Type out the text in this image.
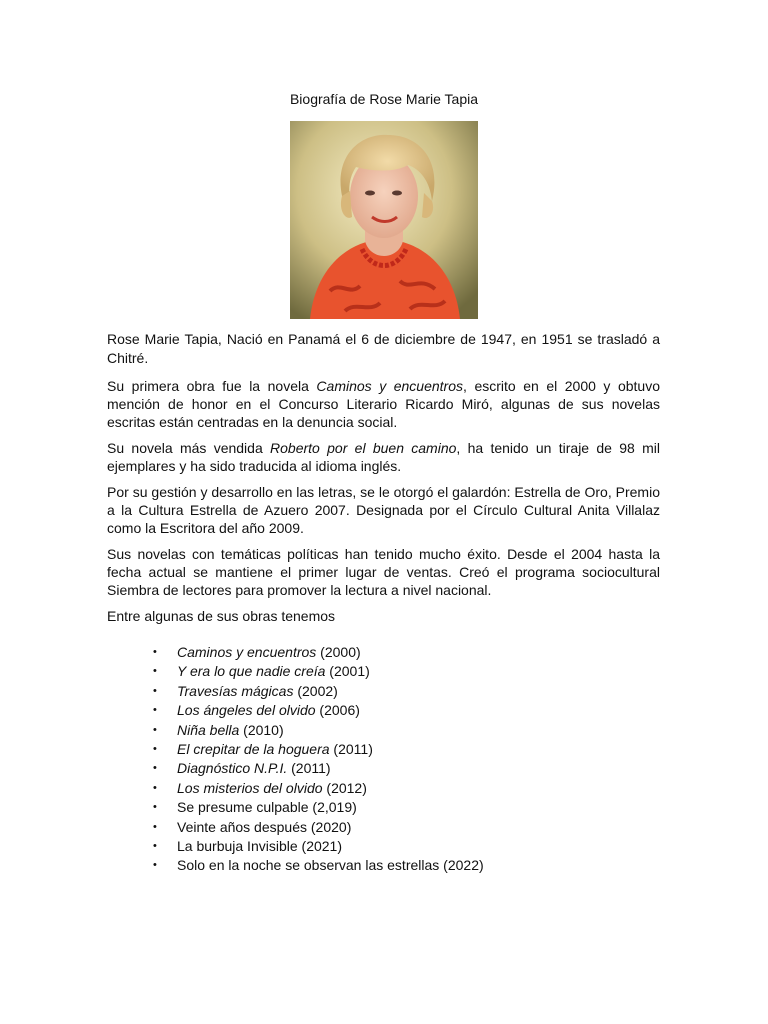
Biografía de Rose Marie Tapia

Rose Marie Tapia, Nació en Panamá el 6 de diciembre de 1947, en 1951 se trasladó a Chitré.

Su primera obra fue la novela Caminos y encuentros, escrito en el 2000 y obtuvo mención de honor en el Concurso Literario Ricardo Miró, algunas de sus novelas escritas están centradas en la denuncia social.

Su novela más vendida Roberto por el buen camino, ha tenido un tiraje de 98 mil ejemplares y ha sido traducida al idioma inglés.

Por su gestión y desarrollo en las letras, se le otorgó el galardón: Estrella de Oro, Premio a la Cultura Estrella de Azuero 2007. Designada por el Círculo Cultural Anita Villalaz como la Escritora del año 2009.

Sus novelas con temáticas políticas han tenido mucho éxito. Desde el 2004 hasta la fecha actual se mantiene el primer lugar de ventas. Creó el programa sociocultural Siembra de lectores para promover la lectura a nivel nacional.

Entre algunas de sus obras tenemos

• Caminos y encuentros (2000)
• Y era lo que nadie creía (2001)
• Travesías mágicas (2002)
• Los ángeles del olvido (2006)
• Niña bella (2010)
• El crepitar de la hoguera (2011)
• Diagnóstico N.P.I. (2011)
• Los misterios del olvido (2012)
• Se presume culpable (2,019)
• Veinte años después (2020)
• La burbuja Invisible (2021)
• Solo en la noche se observan las estrellas (2022)
